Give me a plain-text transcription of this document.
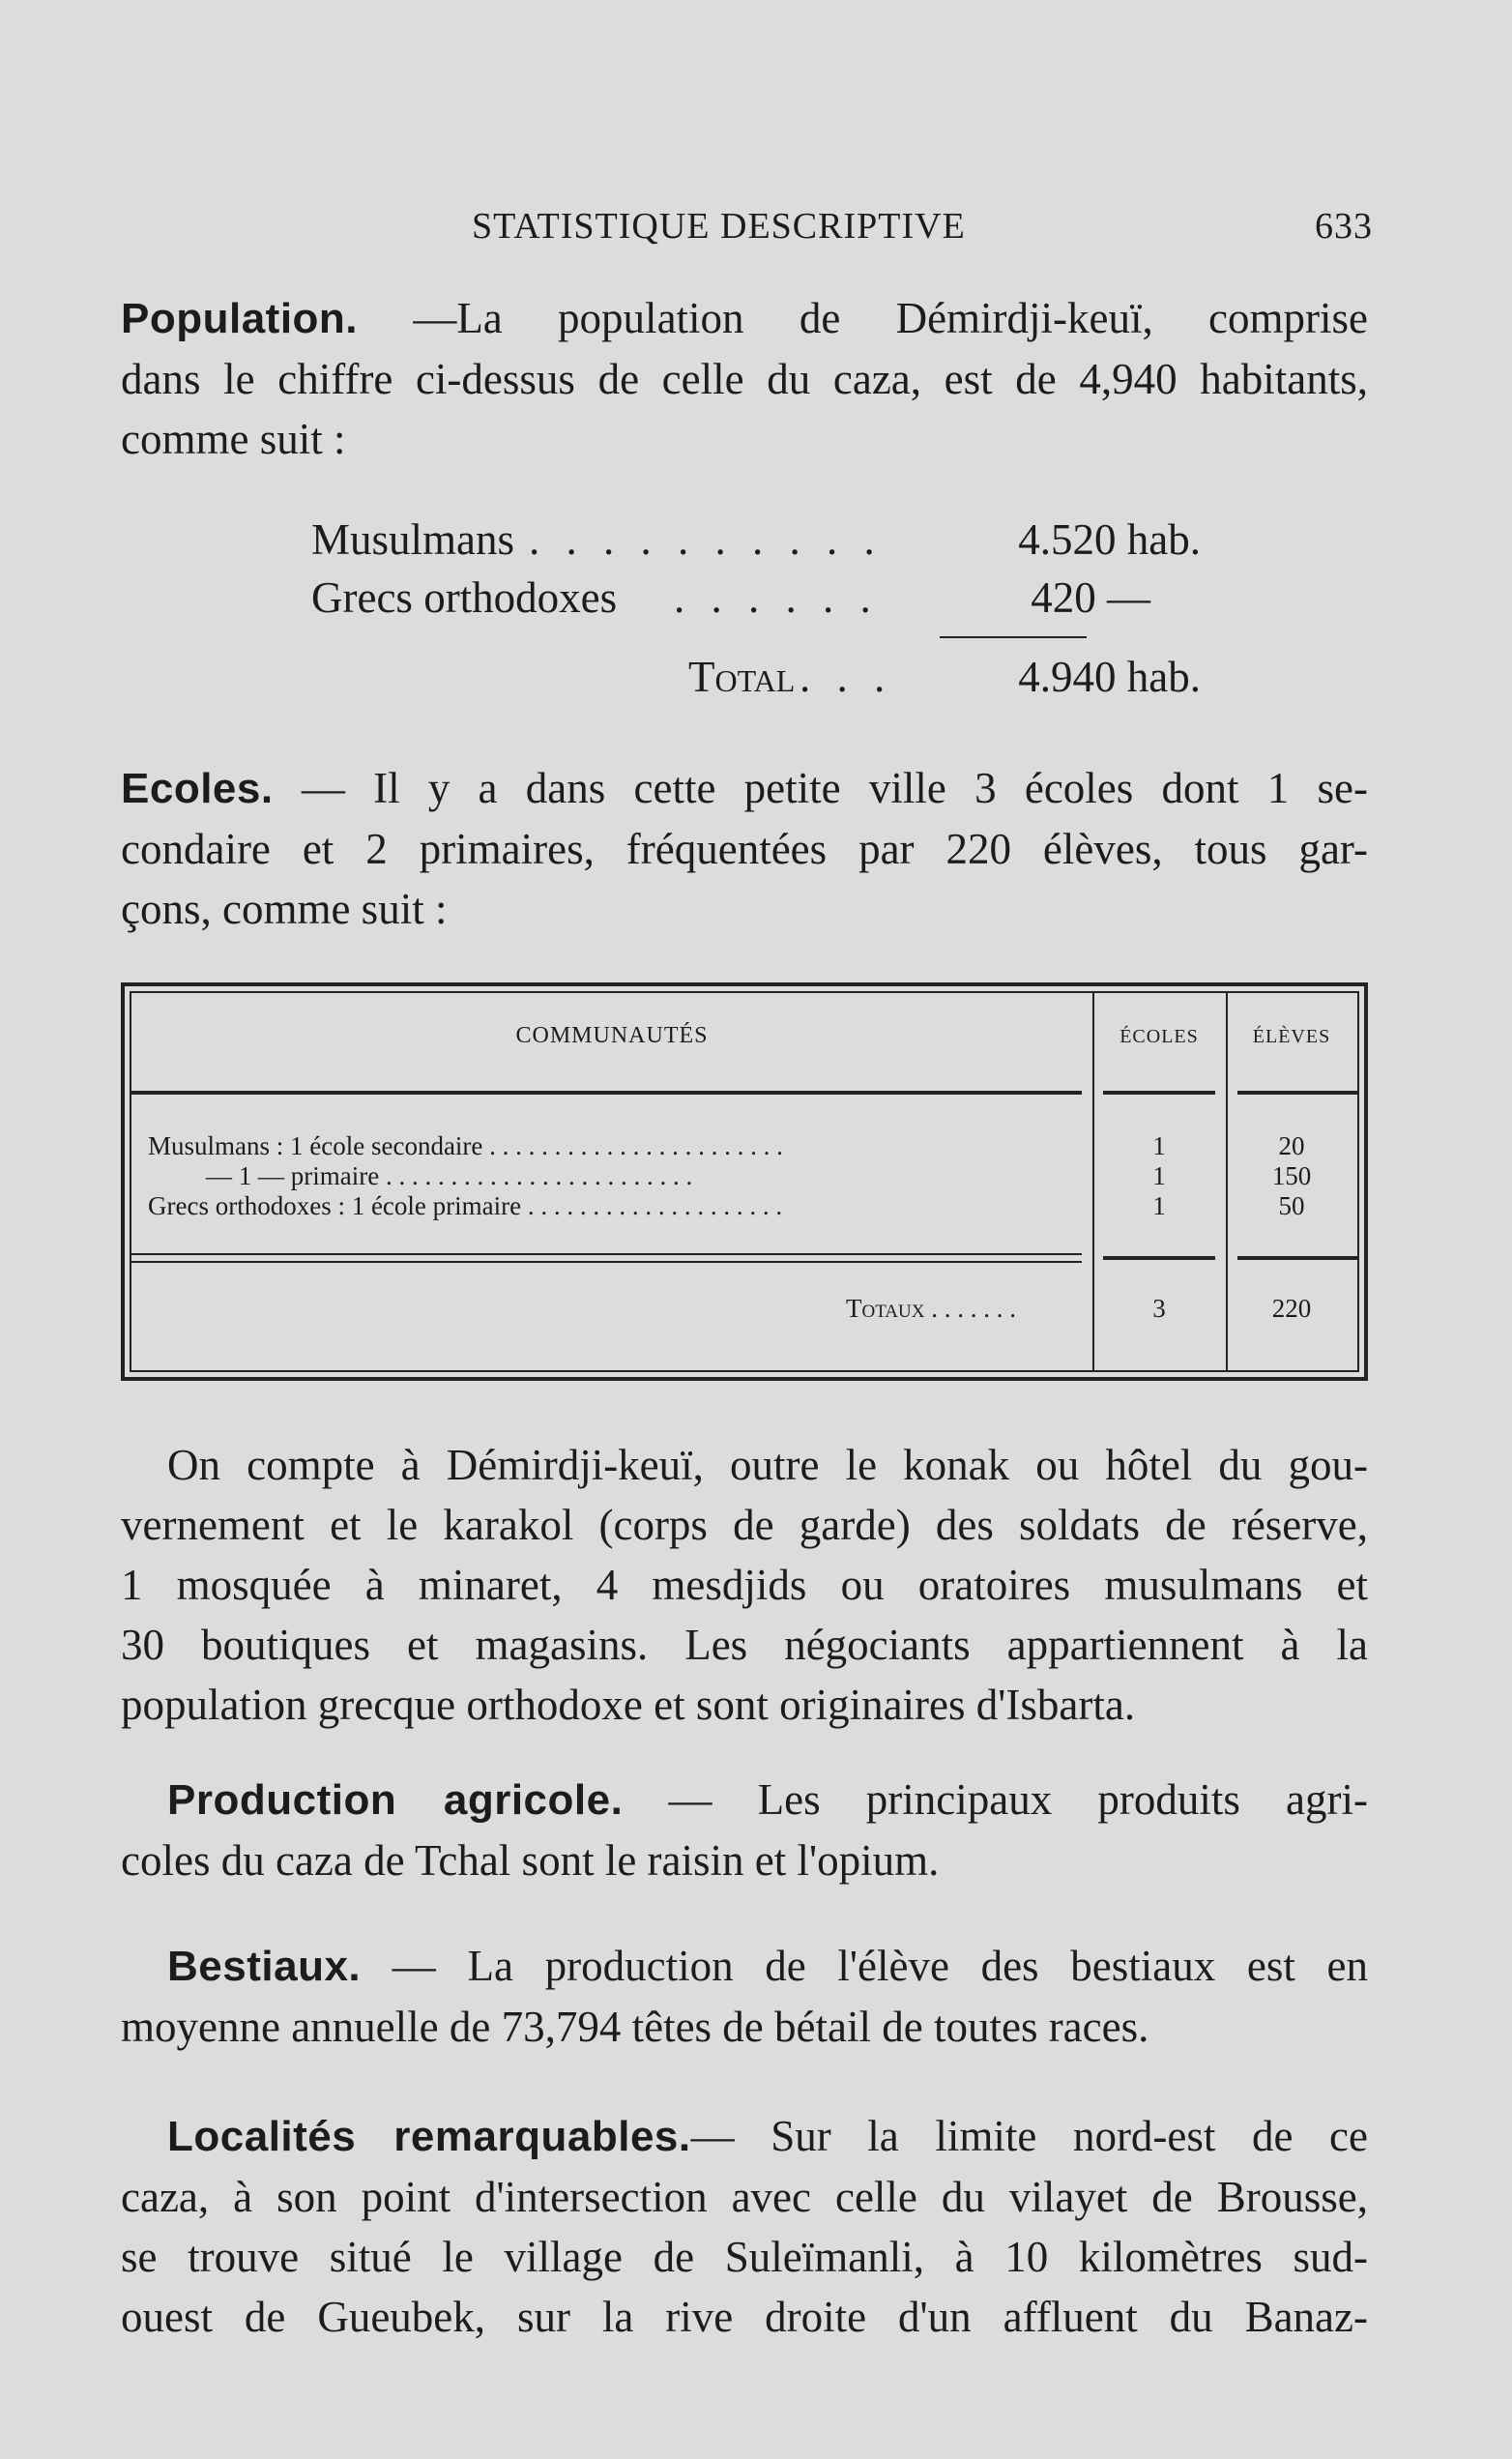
STATISTIQUE DESCRIPTIVE	633
Population. —La population de Démirdji-keuï, comprise
dans le chiffre ci-dessus de celle du caza, est de 4,940 habitants,
comme suit :
Musulmans . . . . . . . . . .	4.520 hab.
Grecs orthodoxes . . . . . .	420 —
Total . . .	4.940 hab.
Ecoles. — Il y a dans cette petite ville 3 écoles dont 1 se-
condaire et 2 primaires, fréquentées par 220 élèves, tous gar-
çons, comme suit :
COMMUNAUTÉS	ÉCOLES	ÉLÈVES
Musulmans : 1 école secondaire . . . . . . . . . . . . . . . . . . . . . . .	1	20
— 1 — primaire . . . . . . . . . . . . . . . . . . . . . . . .	1	150
Grecs orthodoxes : 1 école primaire . . . . . . . . . . . . . . . . . . . .	1	50
Totaux . . . . . . .	3	220
On compte à Démirdji-keuï, outre le konak ou hôtel du gou-
vernement et le karakol (corps de garde) des soldats de réserve,
1 mosquée à minaret, 4 mesdjids ou oratoires musulmans et
30 boutiques et magasins. Les négociants appartiennent à la
population grecque orthodoxe et sont originaires d'Isbarta.
Production agricole. — Les principaux produits agri-
coles du caza de Tchal sont le raisin et l'opium.
Bestiaux. — La production de l'élève des bestiaux est en
moyenne annuelle de 73,794 têtes de bétail de toutes races.
Localités remarquables.— Sur la limite nord-est de ce
caza, à son point d'intersection avec celle du vilayet de Brousse,
se trouve situé le village de Suleïmanli, à 10 kilomètres sud-
ouest de Gueubek, sur la rive droite d'un affluent du Banaz-
